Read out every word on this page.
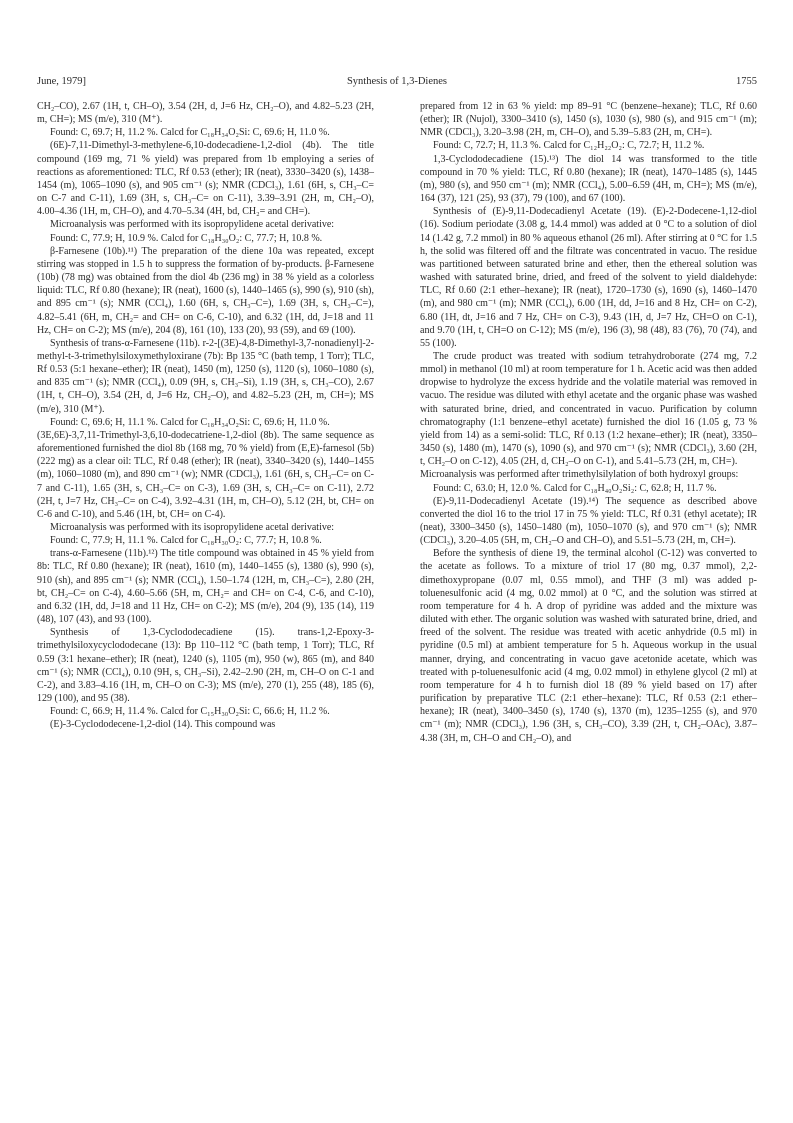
June, 1979]	Synthesis of 1,3-Dienes	1755

CH₂–CO), 2.67 (1H, t, CH–O), 3.54 (2H, d, J=6 Hz, CH₂–O), and 4.82–5.23 (2H, m, CH=); MS (m/e), 310 (M⁺).

Found: C, 69.7; H, 11.2 %. Calcd for C₁₈H₃₄O₂Si: C, 69.6; H, 11.0 %.

(6E)-7,11-Dimethyl-3-methylene-6,10-dodecadiene-1,2-diol (4b). The title compound (169 mg, 71 % yield) was prepared from 1b employing a series of reactions as aforementioned: TLC, Rf 0.53 (ether); IR (neat), 3330–3420 (s), 1438–1454 (m), 1065–1090 (s), and 905 cm⁻¹ (s); NMR (CDCl₃), 1.61 (6H, s, CH₃–C= on C-7 and C-11), 1.69 (3H, s, CH₃–C= on C-11), 3.39–3.91 (2H, m, CH₂–O), 4.00–4.36 (1H, m, CH–O), and 4.70–5.34 (4H, bd, CH₂= and CH=).

Microanalysis was performed with its isopropylidene acetal derivative:

Found: C, 77.9; H, 10.9 %. Calcd for C₁₈H₃₀O₂: C, 77.7; H, 10.8 %.

β-Farnesene (10b).¹¹) The preparation of the diene 10a was repeated, except stirring was stopped in 1.5 h to suppress the formation of by-products. β-Farnesene (10b) (78 mg) was obtained from the diol 4b (236 mg) in 38 % yield as a colorless liquid: TLC, Rf 0.80 (hexane); IR (neat), 1600 (s), 1440–1465 (s), 990 (s), 910 (sh), and 895 cm⁻¹ (s); NMR (CCl₄), 1.60 (6H, s, CH₃–C=), 1.69 (3H, s, CH₃–C=), 4.82–5.41 (6H, m, CH₂= and CH= on C-6, C-10), and 6.32 (1H, dd, J=18 and 11 Hz, CH= on C-2); MS (m/e), 204 (8), 161 (10), 133 (20), 93 (59), and 69 (100).

Synthesis of trans-α-Farnesene (11b). r-2-[(3E)-4,8-Dimethyl-3,7-nonadienyl]-2-methyl-t-3-trimethylsiloxymethyloxirane (7b): Bp 135 °C (bath temp, 1 Torr); TLC, Rf 0.53 (5:1 hexane–ether); IR (neat), 1450 (m), 1250 (s), 1120 (s), 1060–1080 (s), and 835 cm⁻¹ (s); NMR (CCl₄), 0.09 (9H, s, CH₃–Si), 1.19 (3H, s, CH₃–CO), 2.67 (1H, t, CH–O), 3.54 (2H, d, J=6 Hz, CH₂–O), and 4.82–5.23 (2H, m, CH=); MS (m/e), 310 (M⁺).

Found: C, 69.6; H, 11.1 %. Calcd for C₁₈H₃₄O₂Si: C, 69.6; H, 11.0 %.

(3E,6E)-3,7,11-Trimethyl-3,6,10-dodecatriene-1,2-diol (8b). The same sequence as aforementioned furnished the diol 8b (168 mg, 70 % yield) from (E,E)-farnesol (5b) (222 mg) as a clear oil: TLC, Rf 0.48 (ether); IR (neat), 3340–3420 (s), 1440–1455 (m), 1060–1080 (m), and 890 cm⁻¹ (w); NMR (CDCl₃), 1.61 (6H, s, CH₃–C= on C-7 and C-11), 1.65 (3H, s, CH₃–C= on C-3), 1.69 (3H, s, CH₃–C= on C-11), 2.72 (2H, t, J=7 Hz, CH₃–C= on C-4), 3.92–4.31 (1H, m, CH–O), 5.12 (2H, bt, CH= on C-6 and C-10), and 5.46 (1H, bt, CH= on C-4).

Microanalysis was performed with its isopropylidene acetal derivative:

Found: C, 77.9; H, 11.1 %. Calcd for C₁₈H₃₀O₂: C, 77.7; H, 10.8 %.

trans-α-Farnesene (11b).¹²) The title compound was obtained in 45 % yield from 8b: TLC, Rf 0.80 (hexane); IR (neat), 1610 (m), 1440–1455 (s), 1380 (s), 990 (s), 910 (sh), and 895 cm⁻¹ (s); NMR (CCl₄), 1.50–1.74 (12H, m, CH₃–C=), 2.80 (2H, bt, CH₂–C= on C-4), 4.60–5.66 (5H, m, CH₂= and CH= on C-4, C-6, and C-10), and 6.32 (1H, dd, J=18 and 11 Hz, CH= on C-2); MS (m/e), 204 (9), 135 (14), 119 (48), 107 (43), and 93 (100).

Synthesis of 1,3-Cyclododecadiene (15). trans-1,2-Epoxy-3-trimethylsiloxycyclododecane (13): Bp 110–112 °C (bath temp, 1 Torr); TLC, Rf 0.59 (3:1 hexane–ether); IR (neat), 1240 (s), 1105 (m), 950 (w), 865 (m), and 840 cm⁻¹ (s); NMR (CCl₄), 0.10 (9H, s, CH₃–Si), 2.42–2.90 (2H, m, CH–O on C-1 and C-2), and 3.83–4.16 (1H, m, CH–O on C-3); MS (m/e), 270 (1), 255 (48), 185 (6), 129 (100), and 95 (38).

Found: C, 66.9; H, 11.4 %. Calcd for C₁₅H₃₀O₂Si: C, 66.6; H, 11.2 %.

(E)-3-Cyclododecene-1,2-diol (14). This compound was

prepared from 12 in 63 % yield: mp 89–91 °C (benzene–hexane); TLC, Rf 0.60 (ether); IR (Nujol), 3300–3410 (s), 1450 (s), 1030 (s), 980 (s), and 915 cm⁻¹ (m); NMR (CDCl₃), 3.20–3.98 (2H, m, CH–O), and 5.39–5.83 (2H, m, CH=).

Found: C, 72.7; H, 11.3 %. Calcd for C₁₂H₂₂O₂: C, 72.7; H, 11.2 %.

1,3-Cyclododecadiene (15).¹³) The diol 14 was transformed to the title compound in 70 % yield: TLC, Rf 0.80 (hexane); IR (neat), 1470–1485 (s), 1445 (m), 980 (s), and 950 cm⁻¹ (m); NMR (CCl₄), 5.00–6.59 (4H, m, CH=); MS (m/e), 164 (37), 121 (25), 93 (37), 79 (100), and 67 (100).

Synthesis of (E)-9,11-Dodecadienyl Acetate (19). (E)-2-Dodecene-1,12-diol (16). Sodium periodate (3.08 g, 14.4 mmol) was added at 0 °C to a solution of diol 14 (1.42 g, 7.2 mmol) in 80 % aqueous ethanol (26 ml). After stirring at 0 °C for 1.5 h, the solid was filtered off and the filtrate was concentrated in vacuo. The residue was partitioned between saturated brine and ether, then the ethereal solution was washed with saturated brine, dried, and freed of the solvent to yield dialdehyde: TLC, Rf 0.60 (2:1 ether–hexane); IR (neat), 1720–1730 (s), 1690 (s), 1460–1470 (m), and 980 cm⁻¹ (m); NMR (CCl₄), 6.00 (1H, dd, J=16 and 8 Hz, CH= on C-2), 6.80 (1H, dt, J=16 and 7 Hz, CH= on C-3), 9.43 (1H, d, J=7 Hz, CH=O on C-1), and 9.70 (1H, t, CH=O on C-12); MS (m/e), 196 (3), 98 (48), 83 (76), 70 (74), and 55 (100).

The crude product was treated with sodium tetrahydroborate (274 mg, 7.2 mmol) in methanol (10 ml) at room temperature for 1 h. Acetic acid was then added dropwise to hydrolyze the excess hydride and the volatile material was removed in vacuo. The residue was diluted with ethyl acetate and the organic phase was washed with saturated brine, dried, and concentrated in vacuo. Purification by column chromatography (1:1 benzene–ethyl acetate) furnished the diol 16 (1.05 g, 73 % yield from 14) as a semi-solid: TLC, Rf 0.13 (1:2 hexane–ether); IR (neat), 3350–3450 (s), 1480 (m), 1470 (s), 1090 (s), and 970 cm⁻¹ (s); NMR (CDCl₃), 3.60 (2H, t, CH₂–O on C-12), 4.05 (2H, d, CH₂–O on C-1), and 5.41–5.73 (2H, m, CH=).

Microanalysis was performed after trimethylsilylation of both hydroxyl groups:

Found: C, 63.0; H, 12.0 %. Calcd for C₁₈H₄₀O₂Si₂: C, 62.8; H, 11.7 %.

(E)-9,11-Dodecadienyl Acetate (19).¹⁴) The sequence as described above converted the diol 16 to the triol 17 in 75 % yield: TLC, Rf 0.31 (ethyl acetate); IR (neat), 3300–3450 (s), 1450–1480 (m), 1050–1070 (s), and 970 cm⁻¹ (s); NMR (CDCl₃), 3.20–4.05 (5H, m, CH₂–O and CH–O), and 5.51–5.73 (2H, m, CH=).

Before the synthesis of diene 19, the terminal alcohol (C-12) was converted to the acetate as follows. To a mixture of triol 17 (80 mg, 0.37 mmol), 2,2-dimethoxypropane (0.07 ml, 0.55 mmol), and THF (3 ml) was added p-toluenesulfonic acid (4 mg, 0.02 mmol) at 0 °C, and the solution was stirred at room temperature for 4 h. A drop of pyridine was added and the mixture was diluted with ether. The organic solution was washed with saturated brine, dried, and freed of the solvent. The residue was treated with acetic anhydride (0.5 ml) in pyridine (0.5 ml) at ambient temperature for 5 h. Aqueous workup in the usual manner, drying, and concentrating in vacuo gave acetonide acetate, which was treated with p-toluenesulfonic acid (4 mg, 0.02 mmol) in ethylene glycol (2 ml) at room temperature for 4 h to furnish diol 18 (89 % yield based on 17) after purification by preparative TLC (2:1 ether–hexane): TLC, Rf 0.53 (2:1 ether–hexane); IR (neat), 3400–3450 (s), 1740 (s), 1370 (m), 1235–1255 (s), and 970 cm⁻¹ (m); NMR (CDCl₃), 1.96 (3H, s, CH₃–CO), 3.39 (2H, t, CH₂–OAc), 3.87–4.38 (3H, m, CH–O and CH₂–O), and
